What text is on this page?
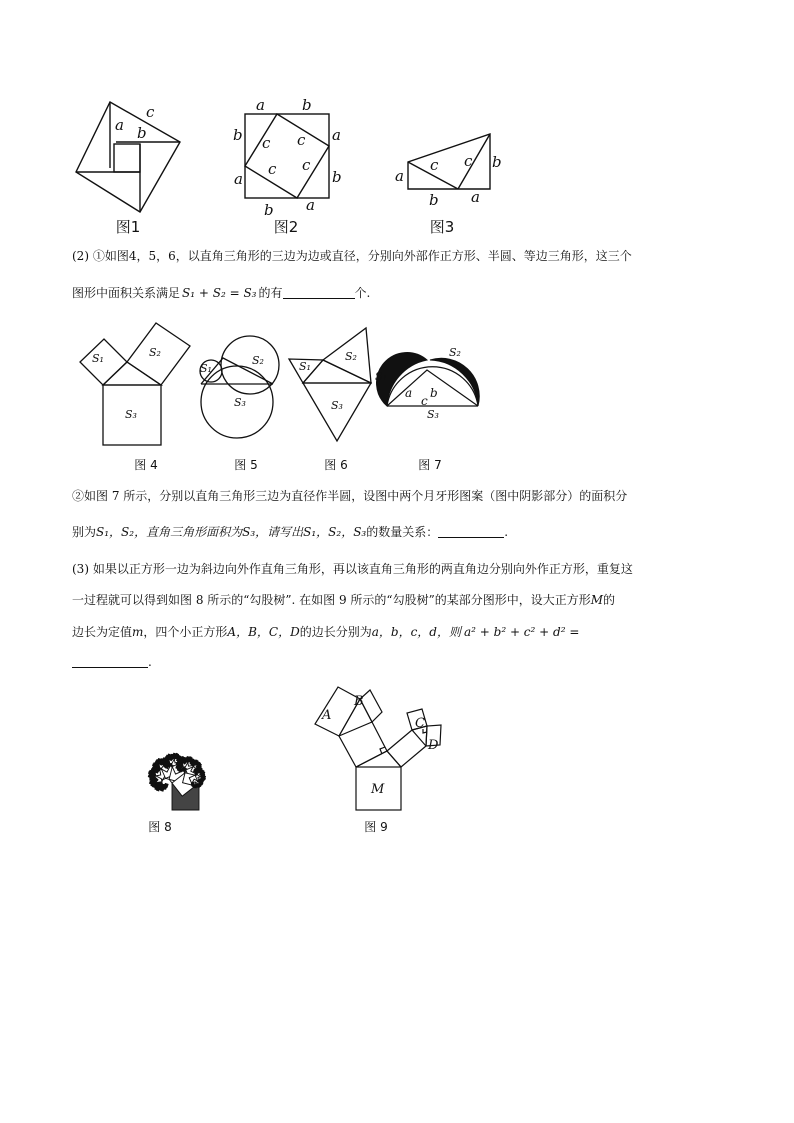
c
a b
图1
a b
b	a
c c
c c
a	b
b a
图2
a
c c b
b a
图3
(2) ①如图4，5，6，以直角三角形的三边为边或直径，分别向外部作正方形、半圆、等边三角形，这三个
图形中面积关系满足 S₁ + S₂ = S₃ 的有	个.
S₁	S₂
S₃
图 4
S₁
S₂
S₃
图 5
S₁
S₂
S₃
图 6
S₁
S₂
a b
c
S₃
图 7
②如图 7 所示，分别以直角三角形三边为直径作半圆，设图中两个月牙形图案（图中阴影部分）的面积分
别为S₁，S₂，直角三角形面积为S₃，请写出S₁，S₂，S₃的数量关系：	.
(3) 如果以正方形一边为斜边向外作直角三角形，再以该直角三角形的两直角边分别向外作正方形，重复这
一过程就可以得到如图 8 所示的“勾股树”. 在如图 9 所示的“勾股树”的某部分图形中，设大正方形M的
边长为定值m，四个小正方形A，B，C，D的边长分别为a，b，c，d，则 a² + b² + c² + d² =
.
图 8
A
B
C
D
M
图 9
